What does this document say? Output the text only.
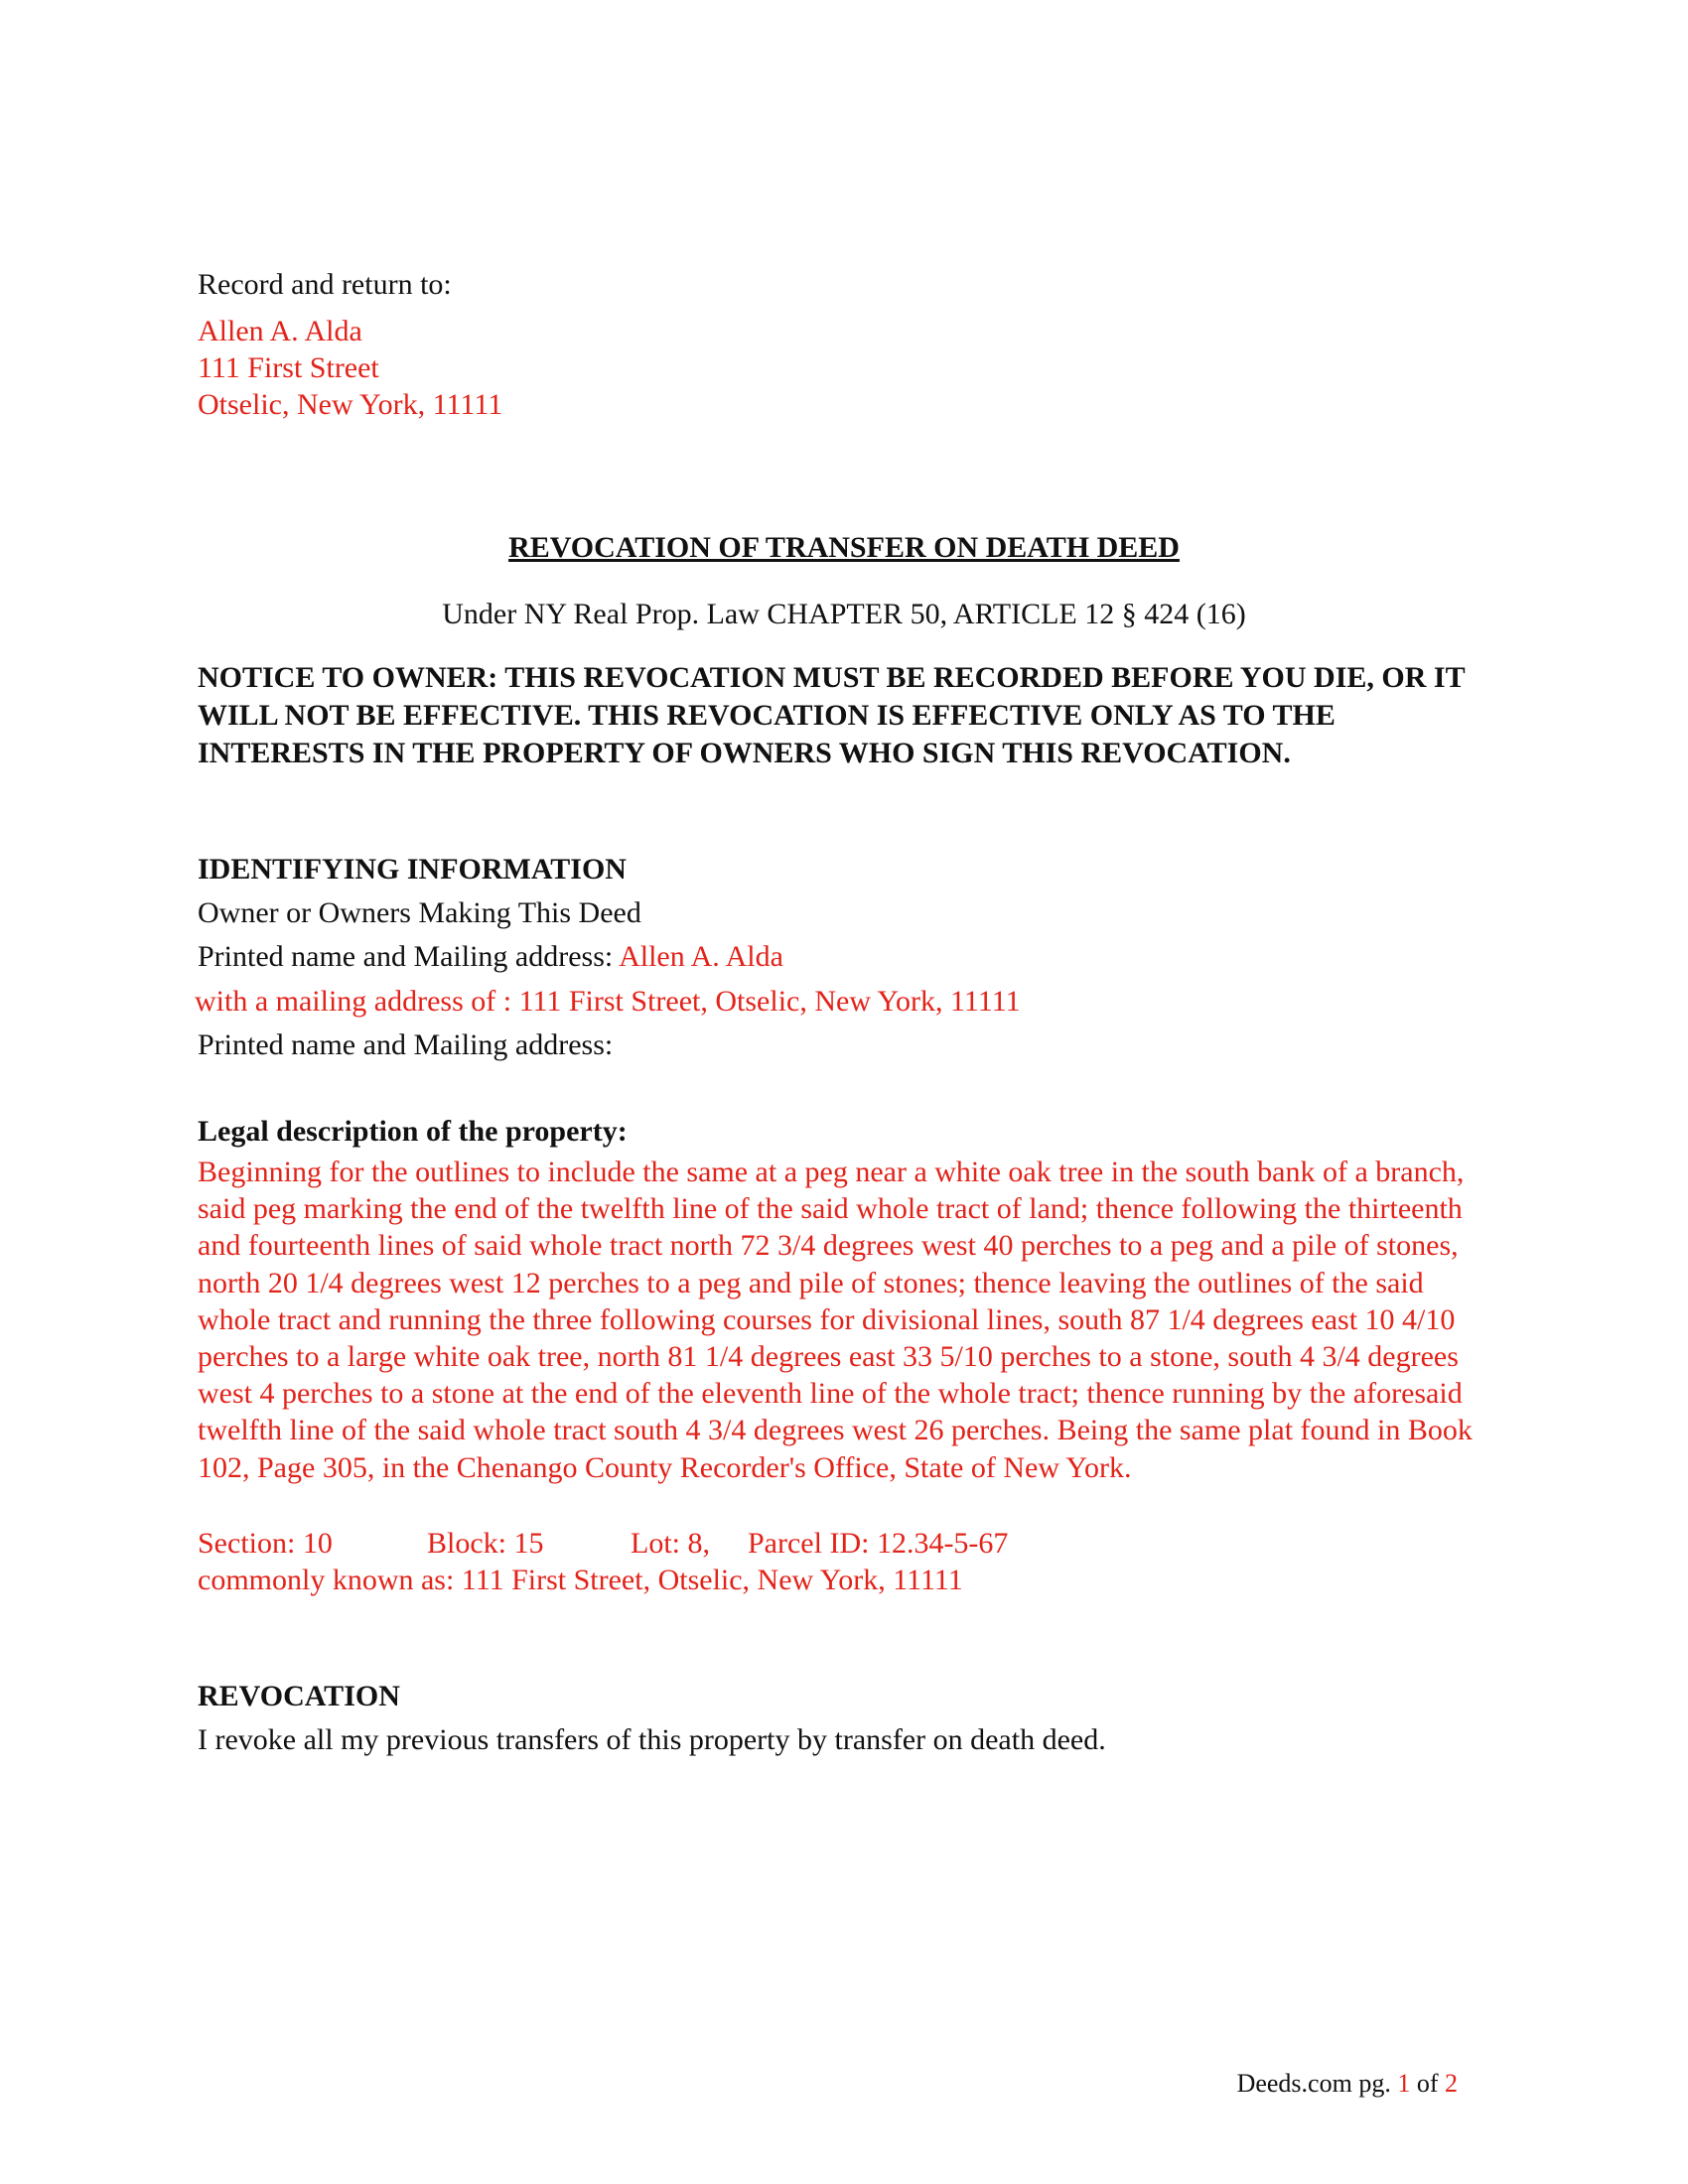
Record and return to:
Allen A. Alda
111 First Street
Otselic, New York, 11111
REVOCATION OF TRANSFER ON DEATH DEED
Under NY Real Prop. Law CHAPTER 50, ARTICLE 12 § 424 (16)
NOTICE TO OWNER: THIS REVOCATION MUST BE RECORDED BEFORE YOU DIE, OR IT WILL NOT BE EFFECTIVE. THIS REVOCATION IS EFFECTIVE ONLY AS TO THE INTERESTS IN THE PROPERTY OF OWNERS WHO SIGN THIS REVOCATION.
IDENTIFYING INFORMATION
Owner or Owners Making This Deed
Printed name and Mailing address: Allen A. Alda
with a mailing address of : 111 First Street, Otselic, New York, 11111
Printed name and Mailing address:
Legal description of the property:
Beginning for the outlines to include the same at a peg near a white oak tree in the south bank of a branch, said peg marking the end of the twelfth line of the said whole tract of land; thence following the thirteenth and fourteenth lines of said whole tract north 72 3/4 degrees west 40 perches to a peg and a pile of stones, north 20 1/4 degrees west 12 perches to a peg and pile of stones; thence leaving the outlines of the said whole tract and running the three following courses for divisional lines, south 87 1/4 degrees east 10 4/10 perches to a large white oak tree, north 81 1/4 degrees east 33 5/10 perches to a stone, south 4 3/4 degrees west 4 perches to a stone at the end of the eleventh line of the whole tract; thence running by the aforesaid twelfth line of the said whole tract south 4 3/4 degrees west 26 perches. Being the same plat found in Book 102, Page 305, in the Chenango County Recorder's Office, State of New York.
Section: 10	Block: 15	Lot: 8, Parcel ID: 12.34-5-67
commonly known as: 111 First Street, Otselic, New York, 11111
REVOCATION
I revoke all my previous transfers of this property by transfer on death deed.
Deeds.com pg. 1 of 2
